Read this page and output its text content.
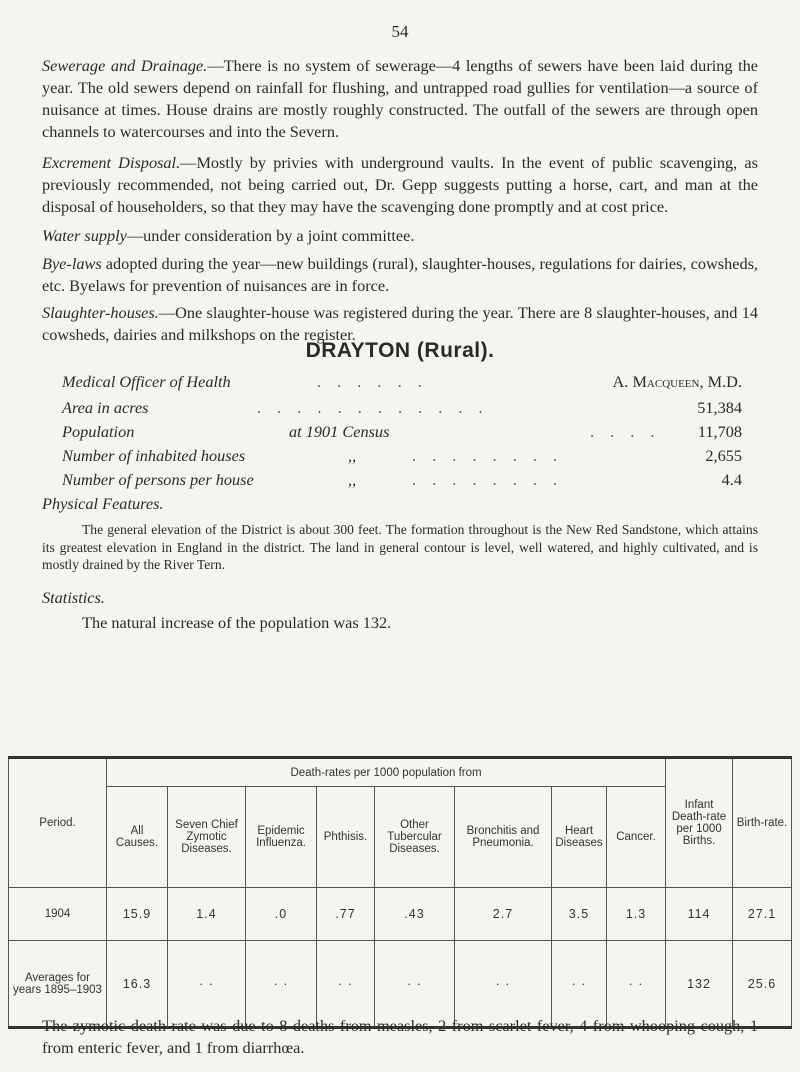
54
Sewerage and Drainage.—There is no system of sewerage—4 lengths of sewers have been laid during the year. The old sewers depend on rainfall for flushing, and untrapped road gullies for ventilation—a source of nuisance at times. House drains are mostly roughly constructed. The outfall of the sewers are through open channels to watercourses and into the Severn.
Excrement Disposal.—Mostly by privies with underground vaults. In the event of public scavenging, as previously recommended, not being carried out, Dr. Gepp suggests putting a horse, cart, and man at the disposal of householders, so that they may have the scavenging done promptly and at cost price.
Water supply—under consideration by a joint committee.
Bye-laws adopted during the year—new buildings (rural), slaughter-houses, regulations for dairies, cowsheds, etc. Byelaws for prevention of nuisances are in force.
Slaughter-houses.—One slaughter-house was registered during the year. There are 8 slaughter-houses, and 14 cowsheds, dairies and milkshops on the register.
DRAYTON (Rural).
Medical Officer of Health	. . . . . .	A. Macqueen, M.D.
Area in acres	. . . . . . . . . . . .	51,384
Population	at 1901 Census	. . . . 11,708
Number of inhabited houses	,,	. . . . . . . .	2,655
Number of persons per house	,,	. . . . . . . .	4.4
Physical Features.
The general elevation of the District is about 300 feet. The formation throughout is the New Red Sandstone, which attains its greatest elevation in England in the district. The land in general contour is level, well watered, and highly cultivated, and is mostly drained by the River Tern.
Statistics.
The natural increase of the population was 132.
Period.	Death-rates per 1000 population from								Infant Death-rate per 1000 Births.	Birth-rate.
	All Causes.	Seven Chief Zymotic Diseases.	Epidemic Influenza.	Phthisis.	Other Tubercular Diseases.	Bronchitis and Pneumonia.	Heart Diseases	Cancer.		
1904	15.9	1.4	.0	.77	.43	2.7	3.5	1.3	114	27.1
Averages for years 1895–1903	16.3	· ·	· ·	· ·	· ·	· ·	· ·	· ·	132	25.6
The zymotic death-rate was due to 8 deaths from measles, 2 from scarlet fever, 4 from whooping cough, 1 from enteric fever, and 1 from diarrhœa.
